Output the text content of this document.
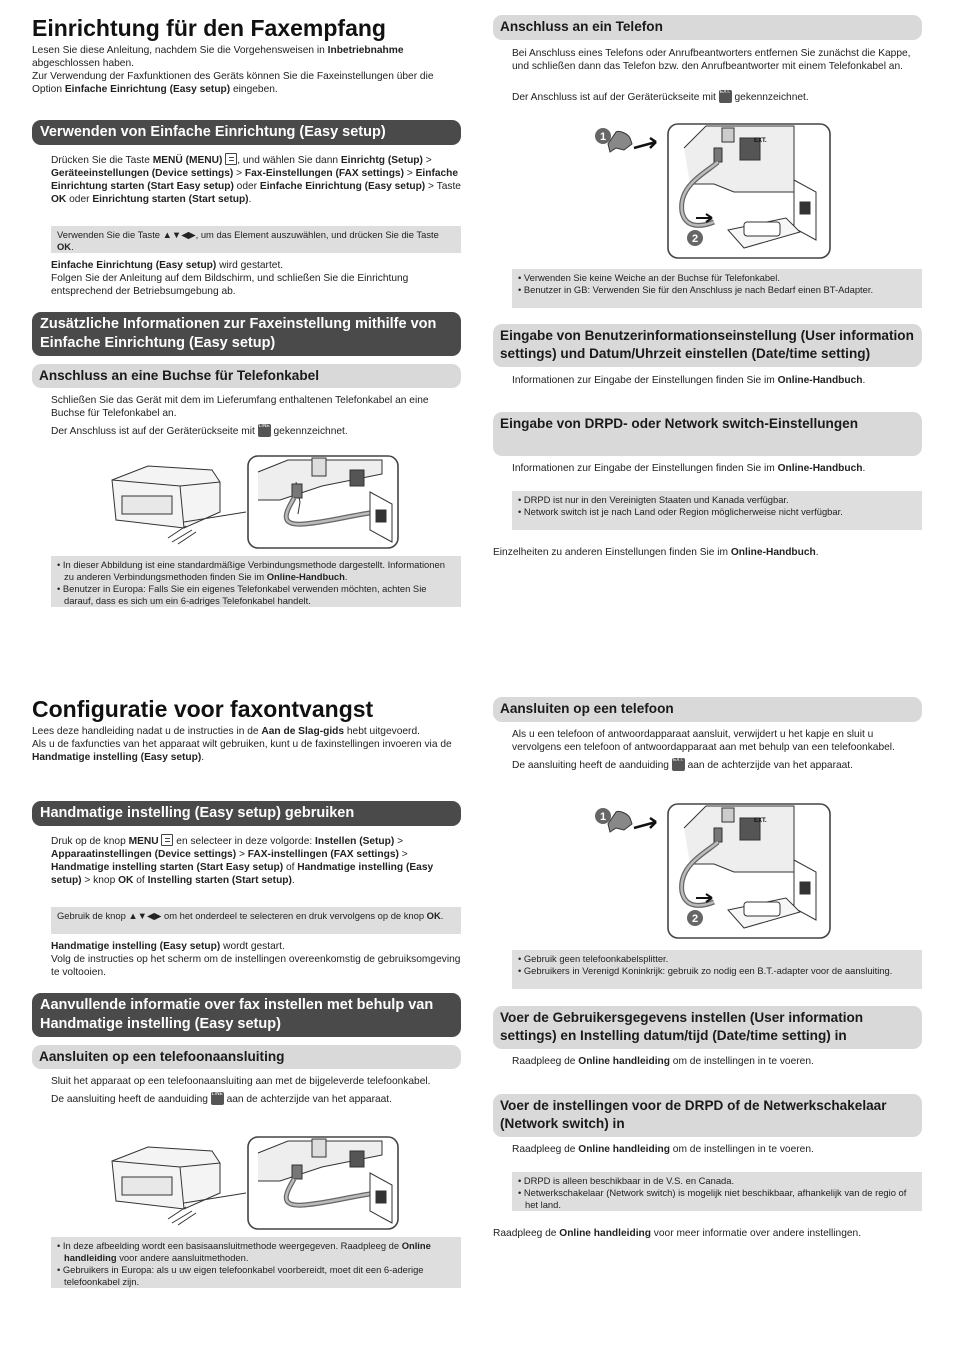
Einrichtung für den Faxempfang
Lesen Sie diese Anleitung, nachdem Sie die Vorgehensweisen in Inbetriebnahme abgeschlossen haben.
Zur Verwendung der Faxfunktionen des Geräts können Sie die Faxeinstellungen über die Option Einfache Einrichtung (Easy setup) eingeben.
Verwenden von Einfache Einrichtung (Easy setup)
Drücken Sie die Taste MENÜ (MENU) , und wählen Sie dann Einrichtg (Setup) > Geräteeinstellungen (Device settings) > Fax-Einstellungen (FAX settings) > Einfache Einrichtung starten (Start Easy setup) oder Einfache Einrichtung (Easy setup) > Taste OK oder Einrichtung starten (Start setup).
Verwenden Sie die Taste ▲▼◀▶, um das Element auszuwählen, und drücken Sie die Taste OK.
Einfache Einrichtung (Easy setup) wird gestartet.
Folgen Sie der Anleitung auf dem Bildschirm, und schließen Sie die Einrichtung entsprechend der Betriebsumgebung ab.
Zusätzliche Informationen zur Faxeinstellung mithilfe von Einfache Einrichtung (Easy setup)
Anschluss an eine Buchse für Telefonkabel
Schließen Sie das Gerät mit dem im Lieferumfang enthaltenen Telefonkabel an eine Buchse für Telefonkabel an.
Der Anschluss ist auf der Geräterückseite mit LINE gekennzeichnet.
• In dieser Abbildung ist eine standardmäßige Verbindungsmethode dargestellt. Informationen zu anderen Verbindungsmethoden finden Sie im Online-Handbuch.
• Benutzer in Europa: Falls Sie ein eigenes Telefonkabel verwenden möchten, achten Sie darauf, dass es sich um ein 6-adriges Telefonkabel handelt.
Anschluss an ein Telefon
Bei Anschluss eines Telefons oder Anrufbeantworters entfernen Sie zunächst die Kappe, und schließen dann das Telefon bzw. den Anrufbeantworter mit einem Telefonkabel an.
Der Anschluss ist auf der Geräterückseite mit EXT. gekennzeichnet.
1
2
EXT.
• Verwenden Sie keine Weiche an der Buchse für Telefonkabel.
• Benutzer in GB: Verwenden Sie für den Anschluss je nach Bedarf einen BT-Adapter.
Eingabe von Benutzerinformationseinstellung (User information settings) und Datum/Uhrzeit einstellen (Date/time setting)
Informationen zur Eingabe der Einstellungen finden Sie im Online-Handbuch.
Eingabe von DRPD- oder Network switch-Einstellungen
Informationen zur Eingabe der Einstellungen finden Sie im Online-Handbuch.
• DRPD ist nur in den Vereinigten Staaten und Kanada verfügbar.
• Network switch ist je nach Land oder Region möglicherweise nicht verfügbar.
Einzelheiten zu anderen Einstellungen finden Sie im Online-Handbuch.
Configuratie voor faxontvangst
Lees deze handleiding nadat u de instructies in de Aan de Slag-gids hebt uitgevoerd.
Als u de faxfuncties van het apparaat wilt gebruiken, kunt u de faxinstellingen invoeren via de Handmatige instelling (Easy setup).
Handmatige instelling (Easy setup) gebruiken
Druk op de knop MENU  en selecteer in deze volgorde: Instellen (Setup) > Apparaatinstellingen (Device settings) > FAX-instellingen (FAX settings) > Handmatige instelling starten (Start Easy setup) of Handmatige instelling (Easy setup) > knop OK of Instelling starten (Start setup).
Gebruik de knop ▲▼◀▶ om het onderdeel te selecteren en druk vervolgens op de knop OK.
Handmatige instelling (Easy setup) wordt gestart.
Volg de instructies op het scherm om de instellingen overeenkomstig de gebruiksomgeving te voltooien.
Aanvullende informatie over fax instellen met behulp van Handmatige instelling (Easy setup)
Aansluiten op een telefoonaansluiting
Sluit het apparaat op een telefoonaansluiting aan met de bijgeleverde telefoonkabel.
De aansluiting heeft de aanduiding LINE aan de achterzijde van het apparaat.
• In deze afbeelding wordt een basisaansluitmethode weergegeven. Raadpleeg de Online handleiding voor andere aansluitmethoden.
• Gebruikers in Europa: als u uw eigen telefoonkabel voorbereidt, moet dit een 6-aderige telefoonkabel zijn.
Aansluiten op een telefoon
Als u een telefoon of antwoordapparaat aansluit, verwijdert u het kapje en sluit u vervolgens een telefoon of antwoordapparaat aan met behulp van een telefoonkabel.
De aansluiting heeft de aanduiding EXT. aan de achterzijde van het apparaat.
1
2
EXT.
• Gebruik geen telefoonkabelsplitter.
• Gebruikers in Verenigd Koninkrijk: gebruik zo nodig een B.T.-adapter voor de aansluiting.
Voer de Gebruikersgegevens instellen (User information settings) en Instelling datum/tijd (Date/time setting) in
Raadpleeg de Online handleiding om de instellingen in te voeren.
Voer de instellingen voor de DRPD of de Netwerkschakelaar (Network switch) in
Raadpleeg de Online handleiding om de instellingen in te voeren.
• DRPD is alleen beschikbaar in de V.S. en Canada.
• Netwerkschakelaar (Network switch) is mogelijk niet beschikbaar, afhankelijk van de regio of het land.
Raadpleeg de Online handleiding voor meer informatie over andere instellingen.
